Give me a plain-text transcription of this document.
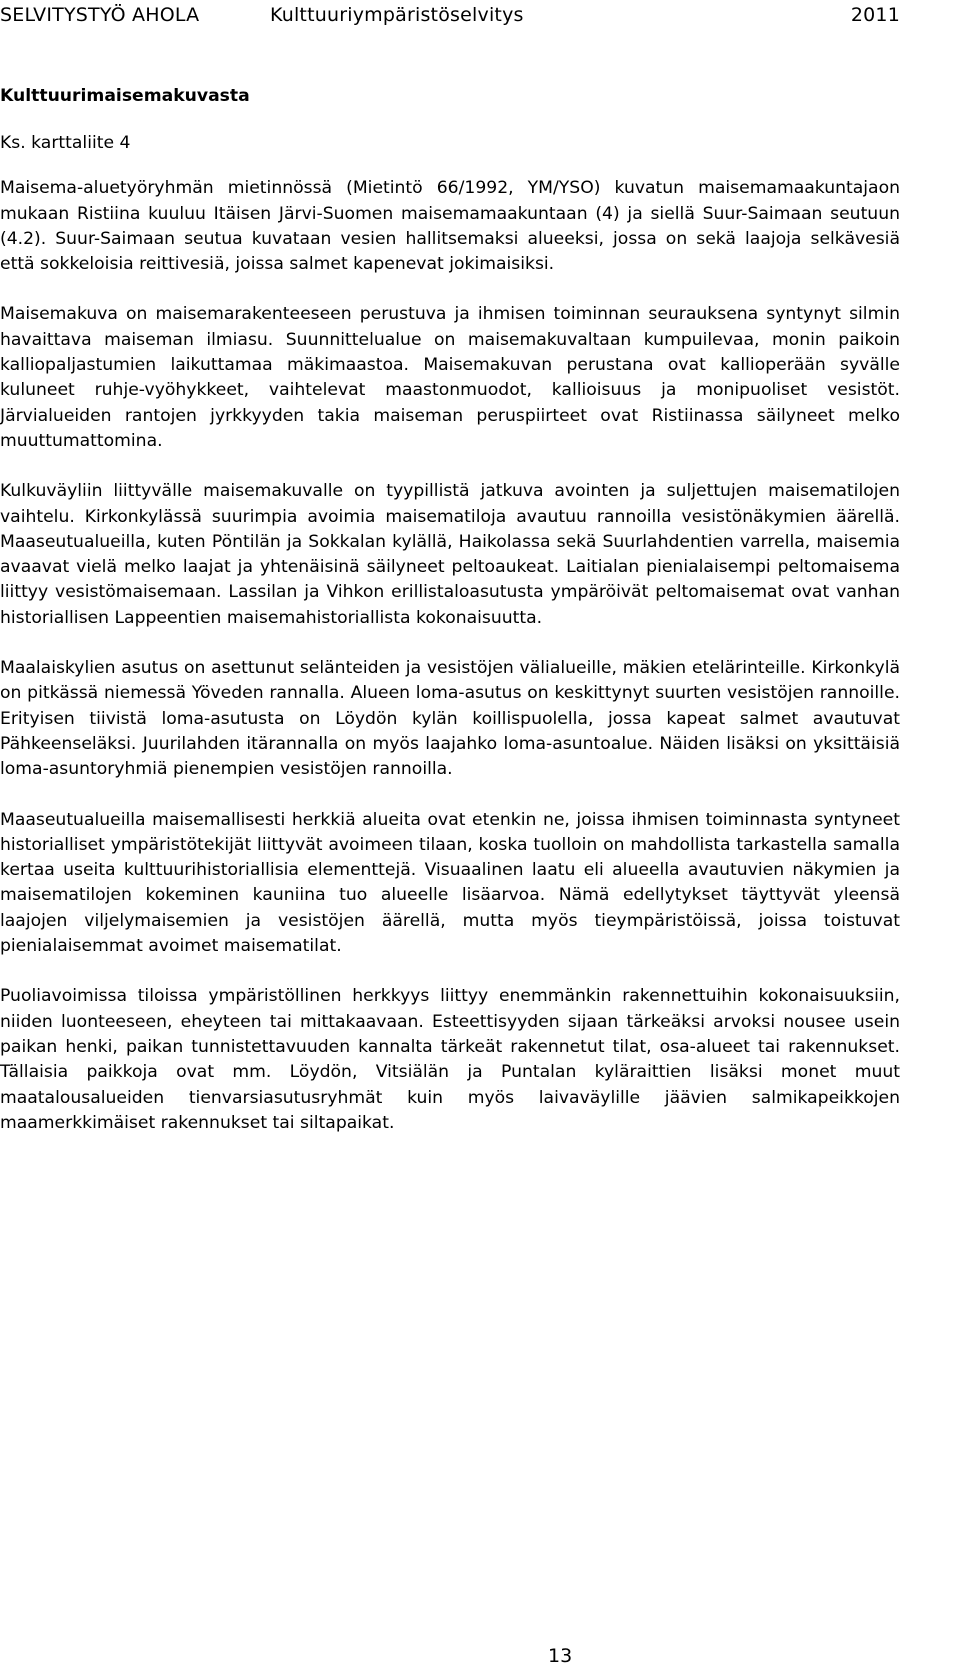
SELVITYSTYÖ AHOLA	Kulttuuriympäristöselvitys	2011
Kulttuurimaisemakuvasta
Ks. karttaliite 4

Maisema-aluetyöryhmän mietinnössä (Mietintö 66/1992, YM/YSO) kuvatun maisemamaakuntajaon mukaan Ristiina kuuluu Itäisen Järvi-Suomen maisemamaakuntaan (4) ja siellä Suur-Saimaan seutuun (4.2). Suur-Saimaan seutua kuvataan vesien hallitsemaksi alueeksi, jossa on sekä laajoja selkävesiä että sokkeloisia reittivesiä, joissa salmet kapenevat jokimaisiksi.

Maisemakuva on maisemarakenteeseen perustuva ja ihmisen toiminnan seurauksena syntynyt silmin havaittava maiseman ilmiasu. Suunnittelualue on maisemakuvaltaan kumpuilevaa, monin paikoin kalliopaljastumien laikuttamaa mäkimaastoa. Maisemakuvan perustana ovat kallioperään syvälle kuluneet ruhje-vyöhykkeet, vaihtelevat maastonmuodot, kallioisuus ja monipuoliset vesistöt. Järvialueiden rantojen jyrkkyyden takia maiseman peruspiirteet ovat Ristiinassa säilyneet melko muuttumattomina.

Kulkuväyliin liittyvälle maisemakuvalle on tyypillistä jatkuva avointen ja suljettujen maisematilojen vaihtelu. Kirkonkylässä suurimpia avoimia maisematiloja avautuu rannoilla vesistönäkymien äärellä. Maaseutualueilla, kuten Pöntilän ja Sokkalan kylällä, Haikolassa sekä Suurlahdentien varrella, maisemia avaavat vielä melko laajat ja yhtenäisinä säilyneet peltoaukeat. Laitialan pienialaisempi peltomaisema liittyy vesistömaisemaan. Lassilan ja Vihkon erillistaloasutusta ympäröivät peltomaisemat ovat vanhan historiallisen Lappeentien maisemahistoriallista kokonaisuutta.

Maalaiskylien asutus on asettunut selänteiden ja vesistöjen välialueille, mäkien etelärinteille. Kirkonkylä on pitkässä niemessä Yöveden rannalla. Alueen loma-asutus on keskittynyt suurten vesistöjen rannoille. Erityisen tiivistä loma-asutusta on Löydön kylän koillispuolella, jossa kapeat salmet avautuvat Pähkeenseläksi. Juurilahden itärannalla on myös laajahko loma-asuntoalue. Näiden lisäksi on yksittäisiä loma-asuntoryhmiä pienempien vesistöjen rannoilla.

Maaseutualueilla maisemallisesti herkkiä alueita ovat etenkin ne, joissa ihmisen toiminnasta syntyneet historialliset ympäristötekijät liittyvät avoimeen tilaan, koska tuolloin on mahdollista tarkastella samalla kertaa useita kulttuurihistoriallisia elementtejä. Visuaalinen laatu eli alueella avautuvien näkymien ja maisematilojen kokeminen kauniina tuo alueelle lisäarvoa. Nämä edellytykset täyttyvät yleensä laajojen viljelymaisemien ja vesistöjen äärellä, mutta myös tieympäristöissä, joissa toistuvat pienialaisemmat avoimet maisematilat.

Puoliavoimissa tiloissa ympäristöllinen herkkyys liittyy enemmänkin rakennettuihin kokonaisuuksiin, niiden luonteeseen, eheyteen tai mittakaavaan. Esteettisyyden sijaan tärkeäksi arvoksi nousee usein paikan henki, paikan tunnistettavuuden kannalta tärkeät rakennetut tilat, osa-alueet tai rakennukset. Tällaisia paikkoja ovat mm. Löydön, Vitsiälän ja Puntalan kyläraittien lisäksi monet muut maatalousalueiden tienvarsiasutusryhmät kuin myös laivaväylille jäävien salmikapeikkojen maamerkkimäiset rakennukset tai siltapaikat.

13
